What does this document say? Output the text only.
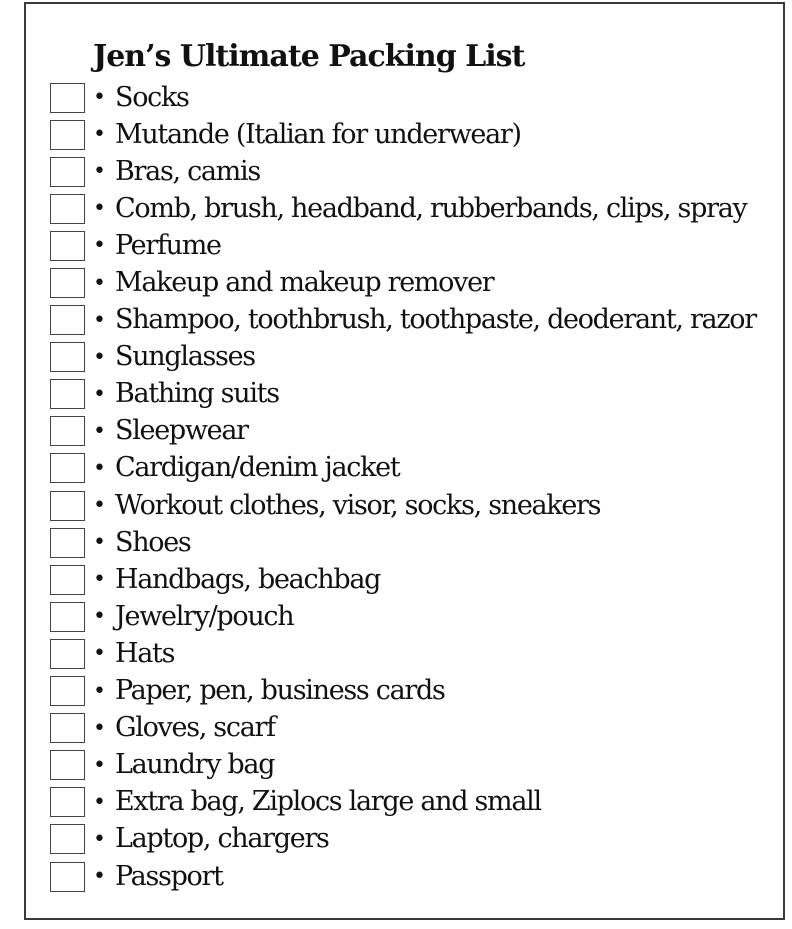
Jen’s Ultimate Packing List
• Socks
• Mutande (Italian for underwear)
• Bras, camis
• Comb, brush, headband, rubberbands, clips, spray
• Perfume
• Makeup and makeup remover
• Shampoo, toothbrush, toothpaste, deoderant, razor
• Sunglasses
• Bathing suits
• Sleepwear
• Cardigan/denim jacket
• Workout clothes, visor, socks, sneakers
• Shoes
• Handbags, beachbag
• Jewelry/pouch
• Hats
• Paper, pen, business cards
• Gloves, scarf
• Laundry bag
• Extra bag, Ziplocs large and small
• Laptop, chargers
• Passport
